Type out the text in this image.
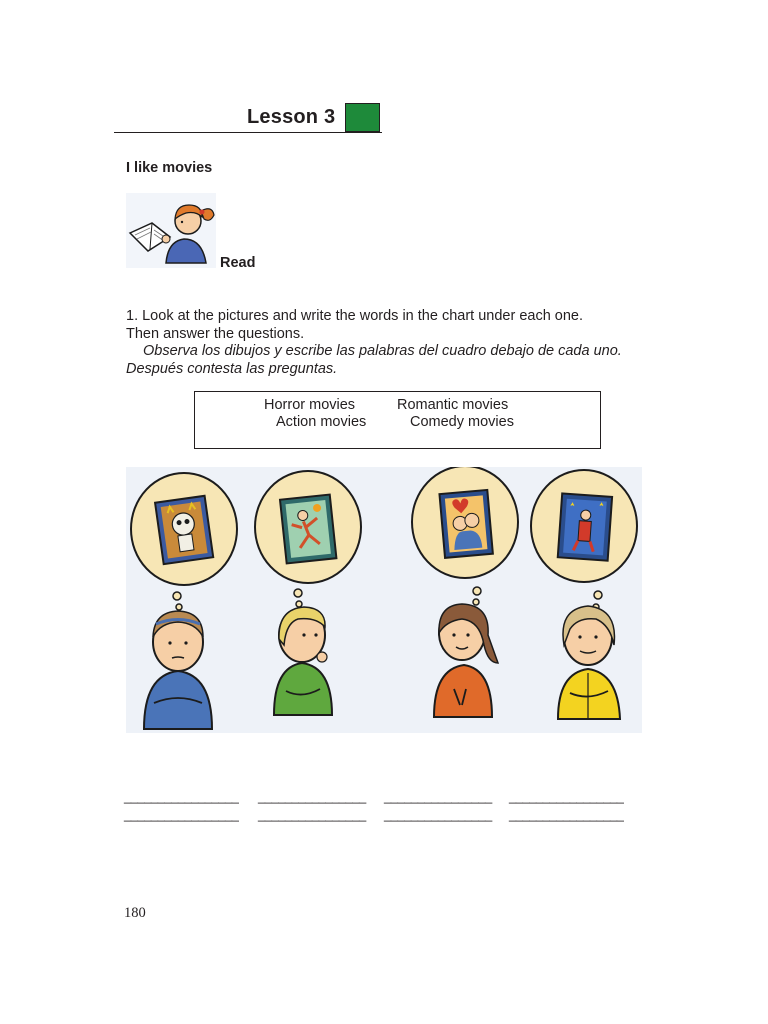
Lesson 3
I like movies
Read
1. Look at the pictures and write the words in the chart under each one.
Then answer the questions.
Observa los dibujos y escribe las palabras del cuadro debajo de cada uno. Después contesta las preguntas.
Horror movies	Romantic movies
Action movies	Comedy movies
_________________ ________________ ________________ _________________
_________________ ________________ ________________ _________________
180
